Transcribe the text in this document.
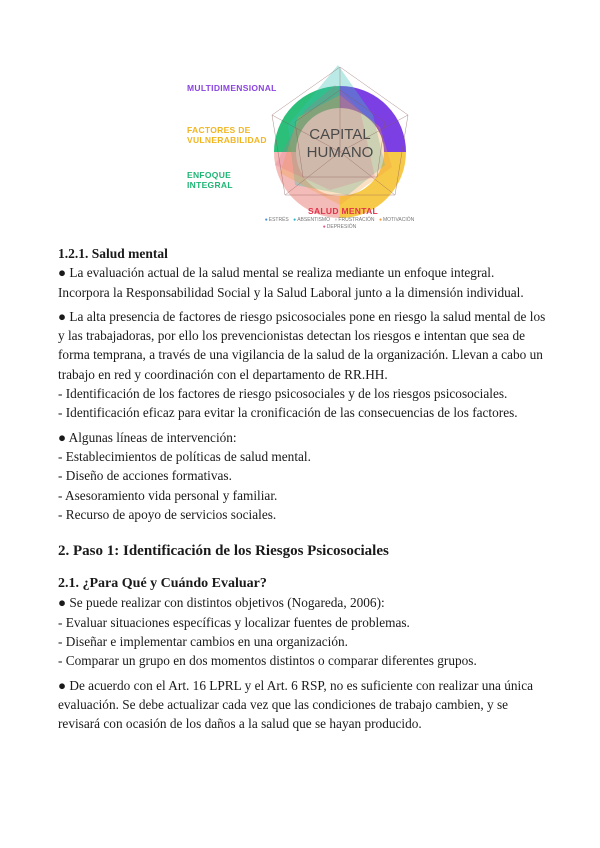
CAPITAL
HUMANO
MULTIDIMENSIONAL
FACTORES DE
VULNERABILIDAD
ENFOQUE
INTEGRAL
SALUD MENTAL
● ESTRÉS ● ABSENTISMO ● FRUSTRACIÓN ● MOTIVACIÓN ● DEPRESIÓN
1.2.1. Salud mental

● La evaluación actual de la salud mental se realiza mediante un enfoque integral. Incorpora la Responsabilidad Social y la Salud Laboral junto a la dimensión individual.

● La alta presencia de factores de riesgo psicosociales pone en riesgo la salud mental de los y las trabajadoras, por ello los prevencionistas detectan los riesgos e intentan que sea de forma temprana, a través de una vigilancia de la salud de la organización. Llevan a cabo un trabajo en red y coordinación con el departamento de RR.HH.

- Identificación de los factores de riesgo psicosociales y de los riesgos psicosociales.

- Identificación eficaz para evitar la cronificación de las consecuencias de los factores.

● Algunas líneas de intervención:

- Establecimientos de políticas de salud mental.

- Diseño de acciones formativas.

- Asesoramiento vida personal y familiar.

- Recurso de apoyo de servicios sociales.

2. Paso 1: Identificación de los Riesgos Psicosociales
2.1. ¿Para Qué y Cuándo Evaluar?

● Se puede realizar con distintos objetivos (Nogareda, 2006):

- Evaluar situaciones específicas y localizar fuentes de problemas.

- Diseñar e implementar cambios en una organización.

- Comparar un grupo en dos momentos distintos o comparar diferentes grupos.

● De acuerdo con el Art. 16 LPRL y el Art. 6 RSP, no es suficiente con realizar una única evaluación. Se debe actualizar cada vez que las condiciones de trabajo cambien, y se revisará con ocasión de los daños a la salud que se hayan producido.
